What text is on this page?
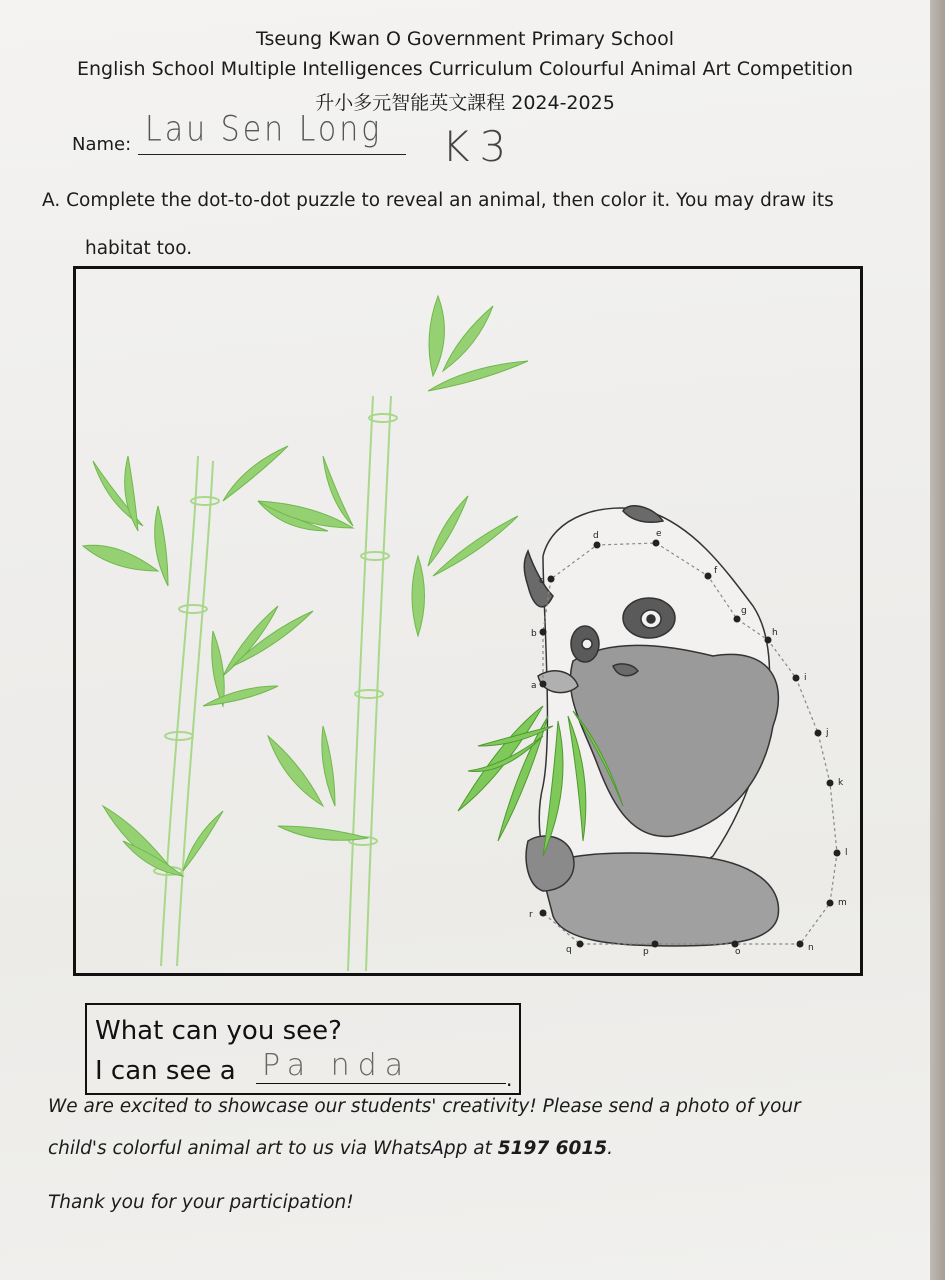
Tseung Kwan O Government Primary School
English School Multiple Intelligences Curriculum Colourful Animal Art Competition
升小多元智能英文課程 2024-2025
Name: Lau Sen Long K3
A. Complete the dot-to-dot puzzle to reveal an animal, then color it. You may draw its
habitat too.
a
b
c
d	e
f
g
h
i
j
k
l
m
n
o
p
q
r
What can you see?
I can see a Pa nda	.
We are excited to showcase our students' creativity! Please send a photo of your
child's colorful animal art to us via WhatsApp at 5197 6015.
Thank you for your participation!
